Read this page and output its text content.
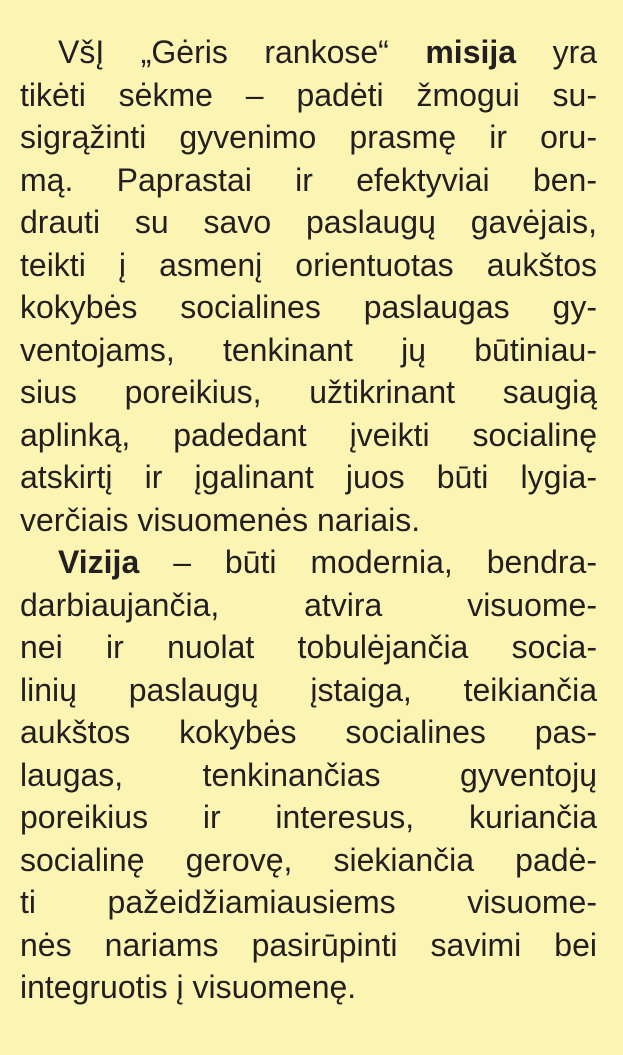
VšĮ „Gėris rankose“ misija yra
tikėti sėkme – padėti žmogui su-
sigrąžinti gyvenimo prasmę ir oru-
mą. Paprastai ir efektyviai ben-
drauti su savo paslaugų gavėjais,
teikti į asmenį orientuotas aukštos
kokybės socialines paslaugas gy-
ventojams, tenkinant jų būtiniau-
sius poreikius, užtikrinant saugią
aplinką, padedant įveikti socialinę
atskirtį ir įgalinant juos būti lygia-
verčiais visuomenės nariais.
Vizija – būti modernia, bendra-
darbiaujančia, atvira visuome-
nei ir nuolat tobulėjančia socia-
linių paslaugų įstaiga, teikiančia
aukštos kokybės socialines pas-
laugas, tenkinančias gyventojų
poreikius ir interesus, kuriančia
socialinę gerovę, siekiančia padė-
ti pažeidžiamiausiems visuome-
nės nariams pasirūpinti savimi bei
integruotis į visuomenę.
